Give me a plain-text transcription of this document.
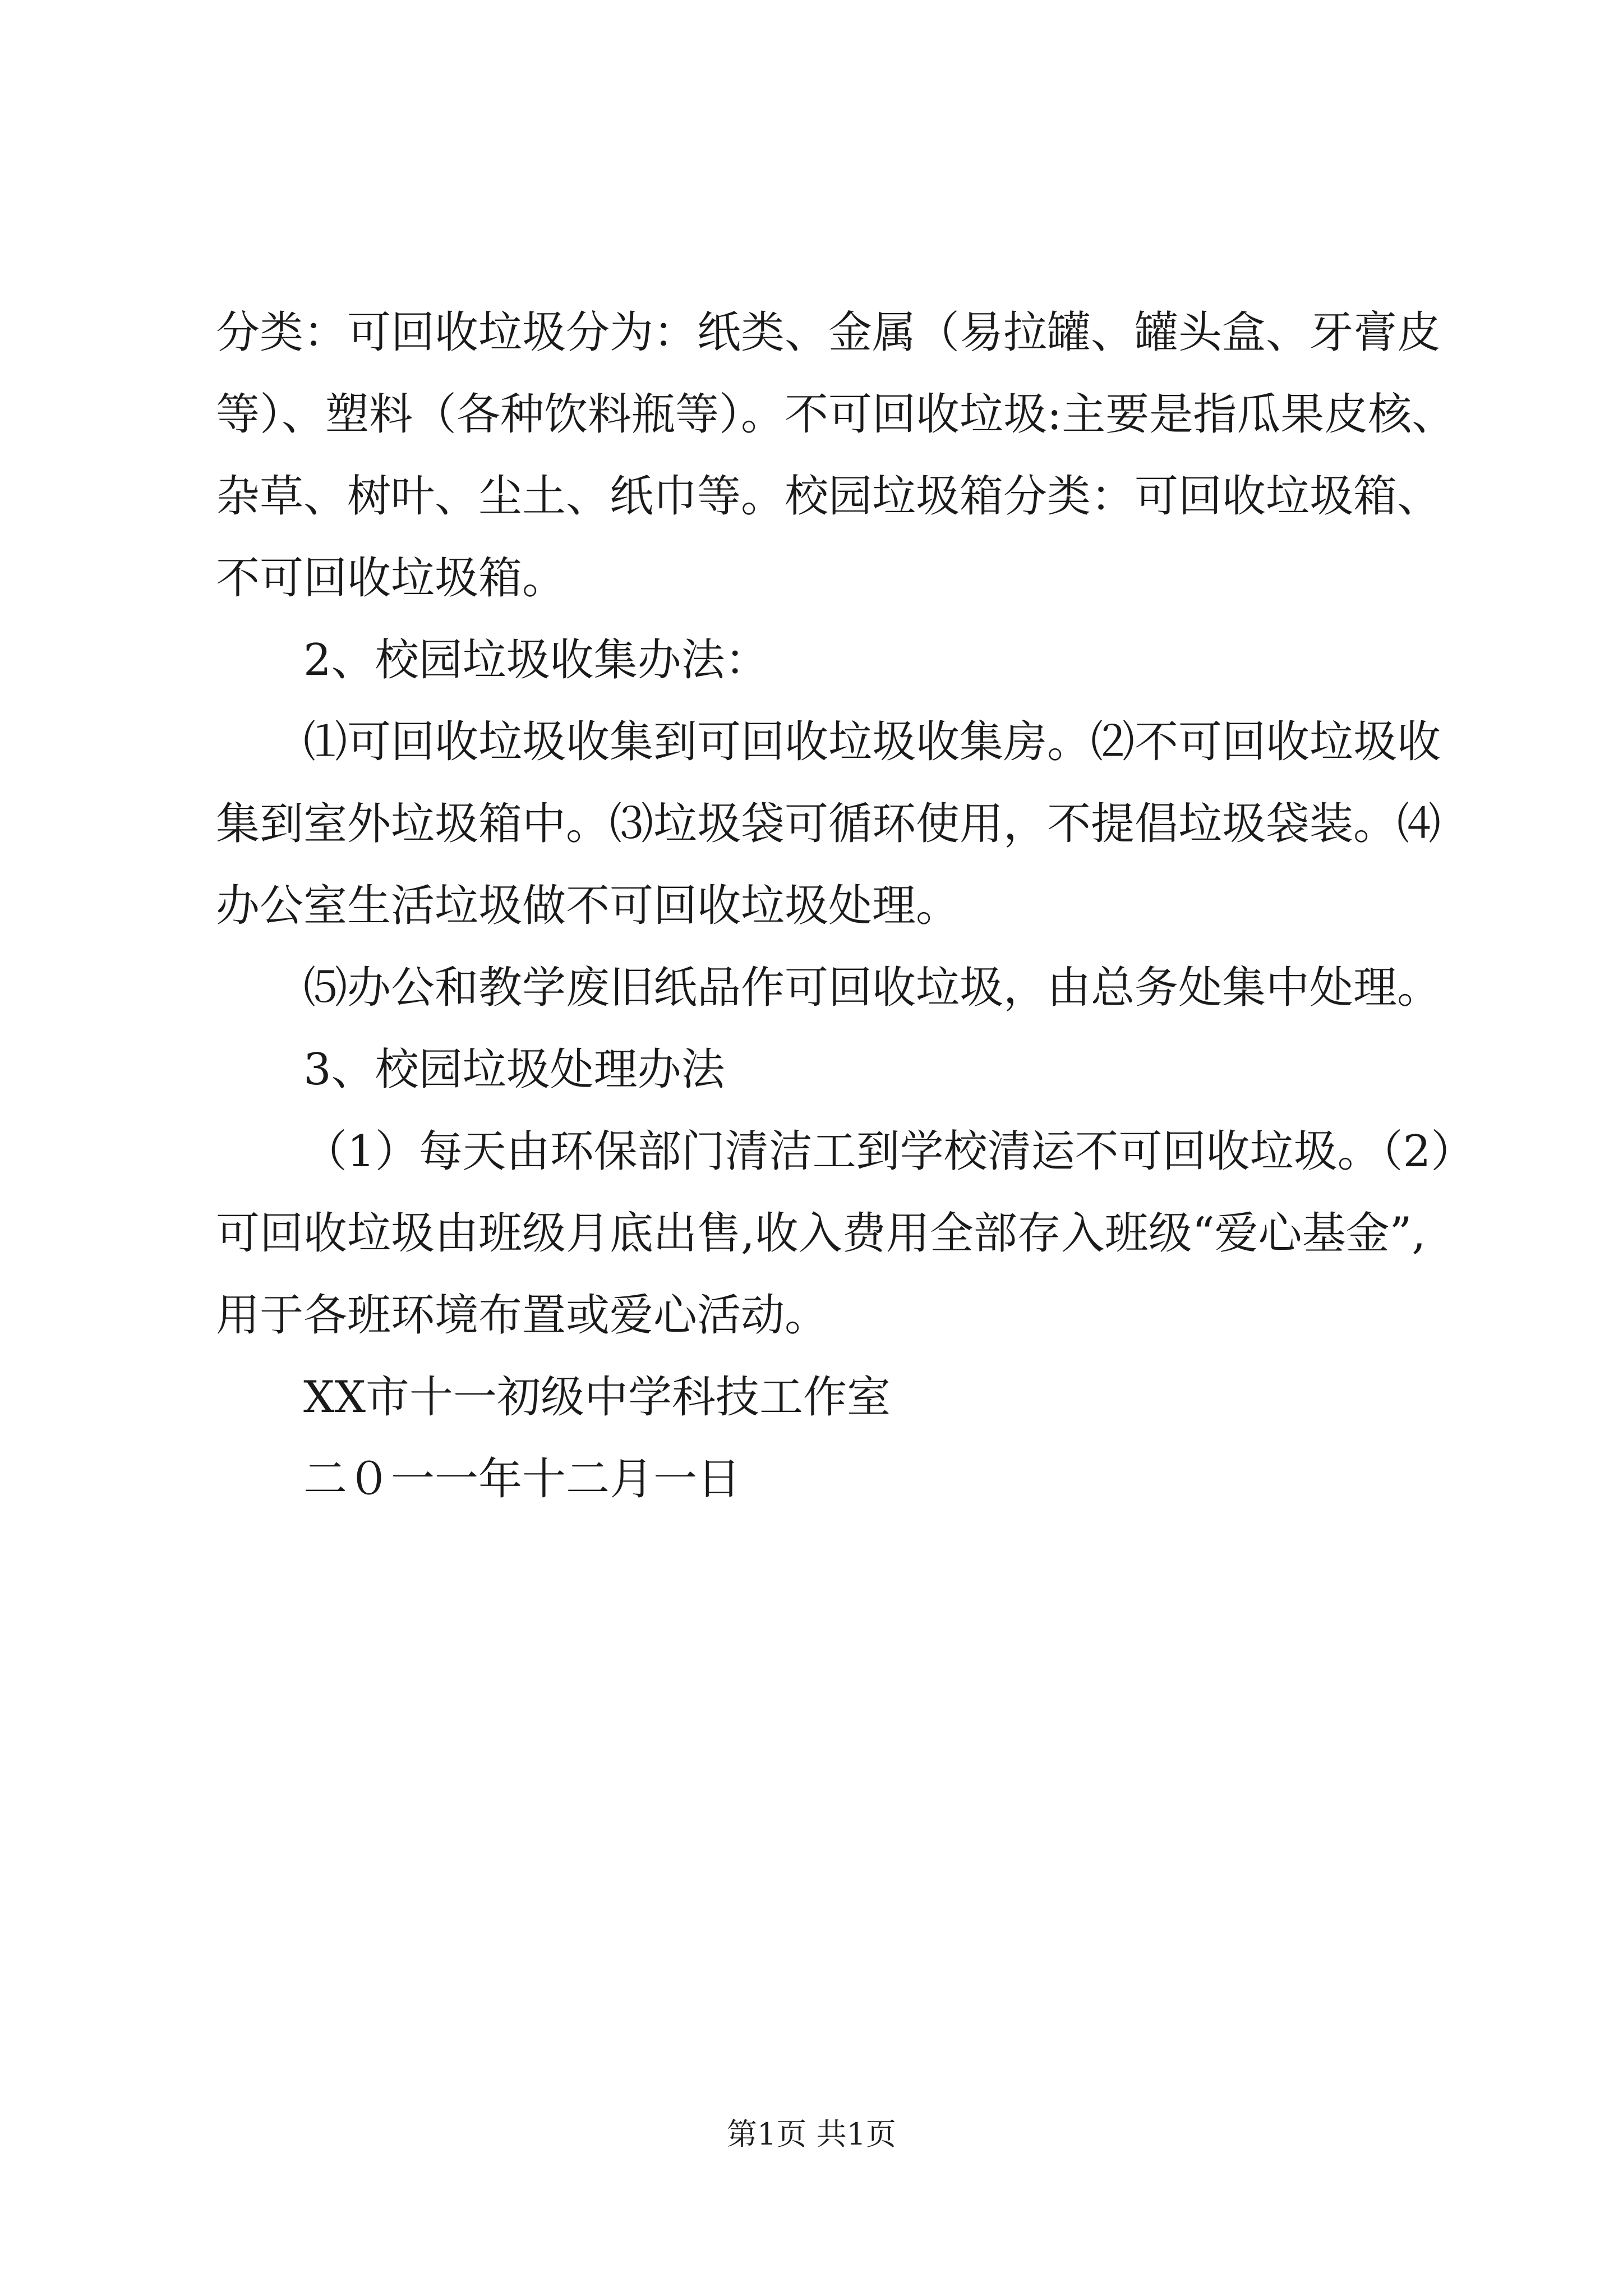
分类：可回收垃圾分为：纸类、金属（易拉罐、罐头盒、牙膏皮等）、塑料（各种饮料瓶等）。不可回收垃圾:主要是指瓜果皮核、杂草、树叶、尘土、纸巾等。校园垃圾箱分类：可回收垃圾箱、不可回收垃圾箱。

2、校园垃圾收集办法：

⑴可回收垃圾收集到可回收垃圾收集房。⑵不可回收垃圾收集到室外垃圾箱中。⑶垃圾袋可循环使用，不提倡垃圾袋装。⑷办公室生活垃圾做不可回收垃圾处理。

⑸办公和教学废旧纸品作可回收垃圾，由总务处集中处理。

3、校园垃圾处理办法

（1）每天由环保部门清洁工到学校清运不可回收垃圾。（2）可回收垃圾由班级月底出售,收入费用全部存入班级“爱心基金”,用于各班环境布置或爱心活动。

XX市十一初级中学科技工作室

二０一一年十二月一日

第1页 共1页
